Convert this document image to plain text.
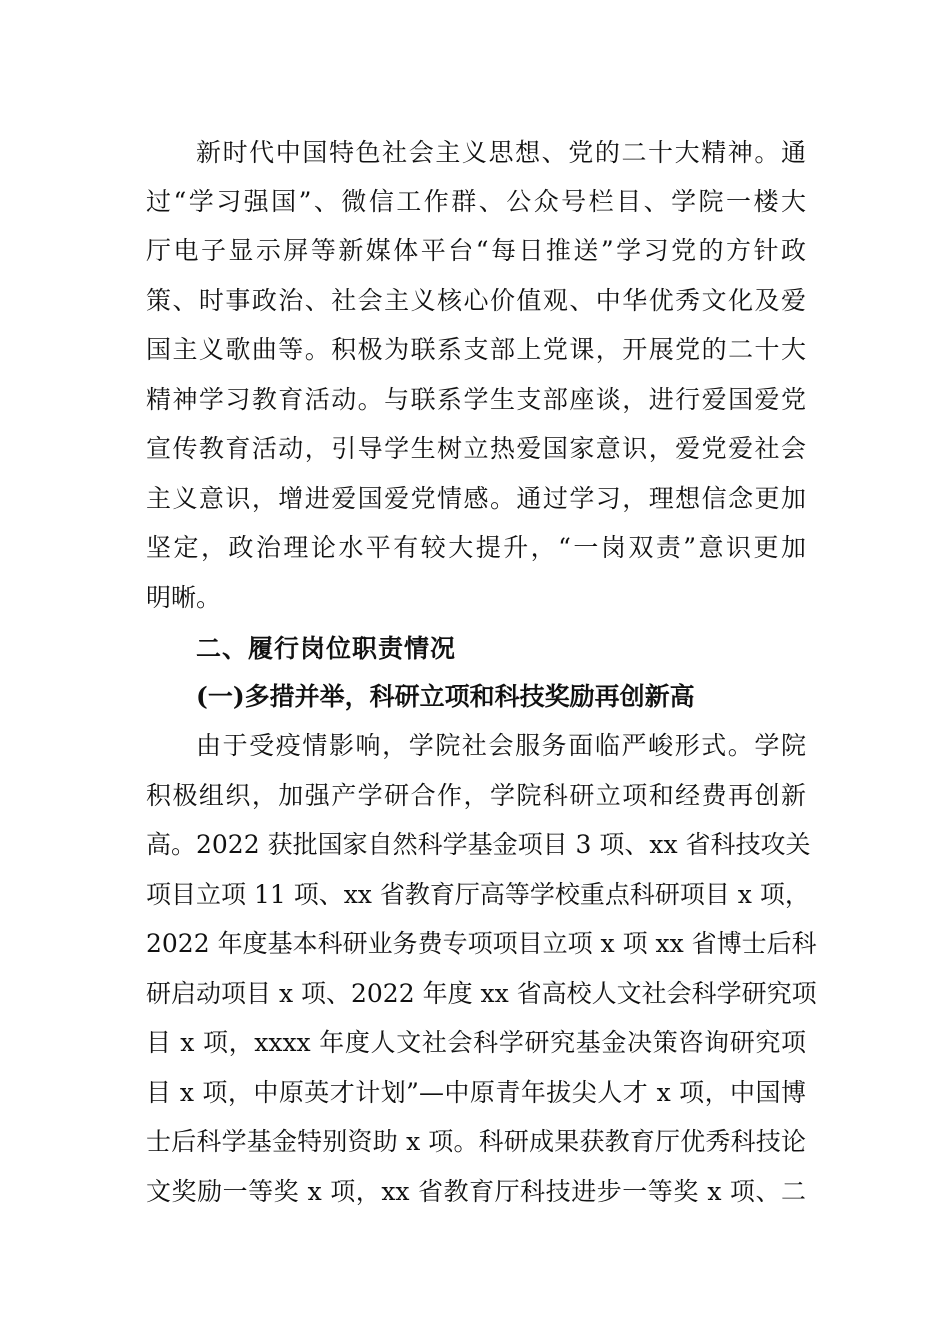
新时代中国特色社会主义思想、党的二十大精神。通
过“学习强国”、微信工作群、公众号栏目、学院一楼大
厅电子显示屏等新媒体平台“每日推送”学习党的方针政
策、时事政治、社会主义核心价值观、中华优秀文化及爱
国主义歌曲等。积极为联系支部上党课，开展党的二十大
精神学习教育活动。与联系学生支部座谈，进行爱国爱党
宣传教育活动，引导学生树立热爱国家意识，爱党爱社会
主义意识，增进爱国爱党情感。通过学习，理想信念更加
坚定，政治理论水平有较大提升，“一岗双责”意识更加
明晰。
二、履行岗位职责情况
(一)多措并举，科研立项和科技奖励再创新高
由于受疫情影响，学院社会服务面临严峻形式。学院
积极组织，加强产学研合作，学院科研立项和经费再创新
高。2022 获批国家自然科学基金项目 3 项、xx 省科技攻关
项目立项 11 项、xx 省教育厅高等学校重点科研项目 x 项，
2022 年度基本科研业务费专项项目立项 x 项 xx 省博士后科
研启动项目 x 项、2022 年度 xx 省高校人文社会科学研究项
目 x 项，xxxx 年度人文社会科学研究基金决策咨询研究项
目 x 项，中原英才计划”—中原青年拔尖人才 x 项，中国博
士后科学基金特别资助 x 项。科研成果获教育厅优秀科技论
文奖励一等奖 x 项，xx 省教育厅科技进步一等奖 x 项、二
